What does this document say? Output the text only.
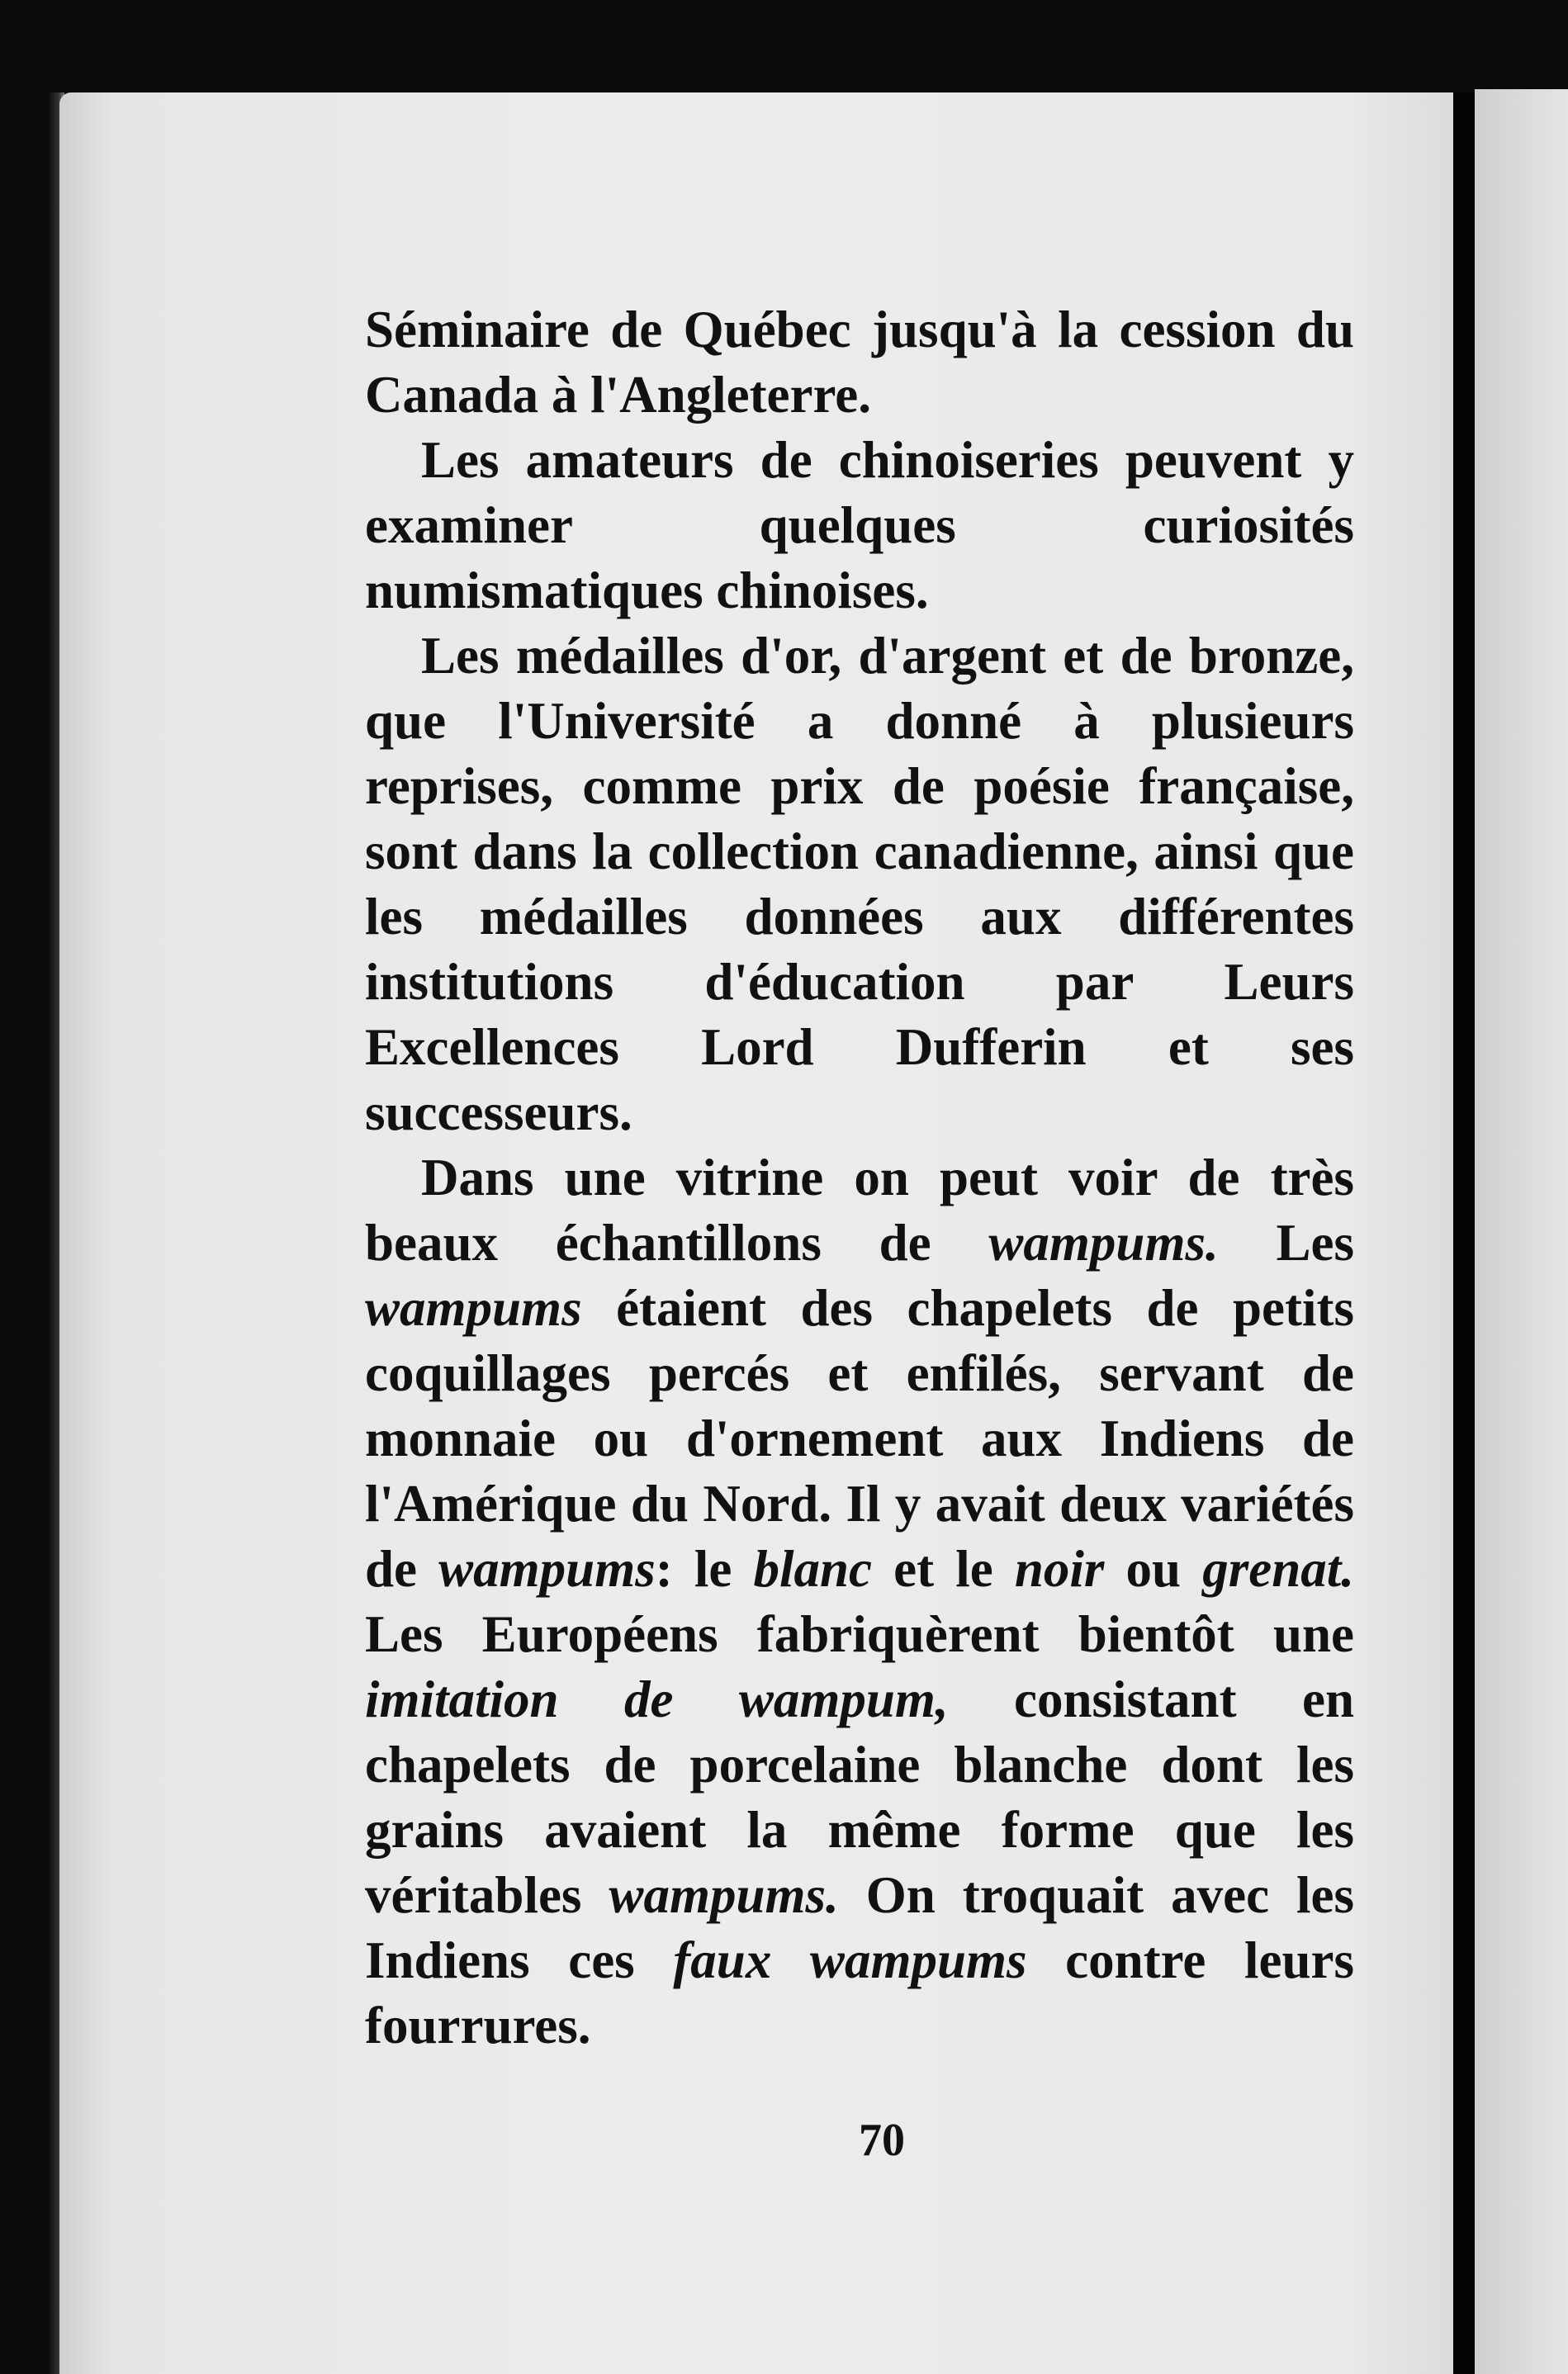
Séminaire de Québec jusqu'à la cession du Canada à l'Angleterre.

Les amateurs de chinoiseries peuvent y examiner quelques curiosités numismatiques chinoises.

Les médailles d'or, d'argent et de bronze, que l'Université a donné à plusieurs reprises, comme prix de poésie française, sont dans la collection canadienne, ainsi que les médailles données aux différentes institutions d'éducation par Leurs Excellences Lord Dufferin et ses successeurs.

Dans une vitrine on peut voir de très beaux échantillons de wampums. Les wampums étaient des chapelets de petits coquillages percés et enfilés, servant de monnaie ou d'ornement aux Indiens de l'Amérique du Nord. Il y avait deux variétés de wampums: le blanc et le noir ou grenat. Les Européens fabriquèrent bientôt une imitation de wampum, consistant en chapelets de porcelaine blanche dont les grains avaient la même forme que les véritables wampums. On troquait avec les Indiens ces faux wampums contre leurs fourrures.

70
